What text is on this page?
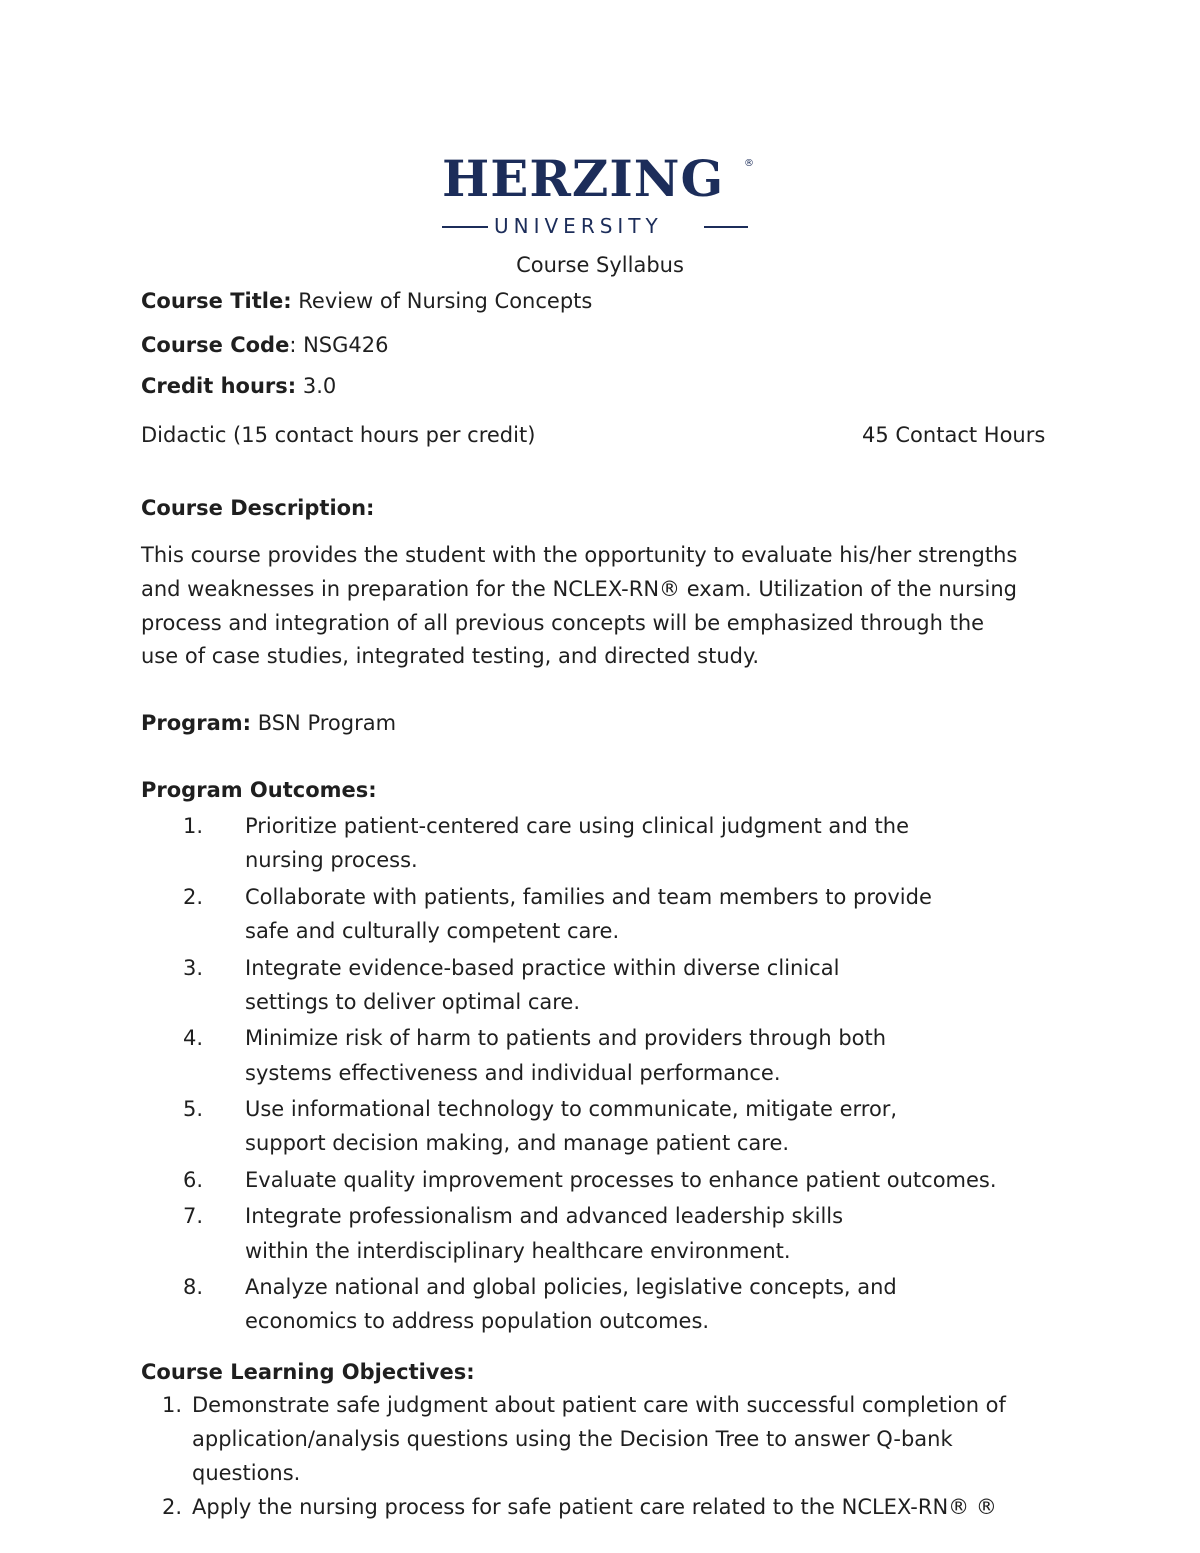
HERZING ®
UNIVERSITY

Course Syllabus

Course Title: Review of Nursing Concepts

Course Code: NSG426

Credit hours: 3.0

Didactic (15 contact hours per credit)	45 Contact Hours

Course Description:

This course provides the student with the opportunity to evaluate his/her strengths and weaknesses in preparation for the NCLEX-RN® exam. Utilization of the nursing process and integration of all previous concepts will be emphasized through the use of case studies, integrated testing, and directed study.

Program: BSN Program

Program Outcomes:

1. Prioritize patient-centered care using clinical judgment and the nursing process.
2. Collaborate with patients, families and team members to provide safe and culturally competent care.
3. Integrate evidence-based practice within diverse clinical settings to deliver optimal care.
4. Minimize risk of harm to patients and providers through both systems effectiveness and individual performance.
5. Use informational technology to communicate, mitigate error, support decision making, and manage patient care.
6. Evaluate quality improvement processes to enhance patient outcomes.
7. Integrate professionalism and advanced leadership skills within the interdisciplinary healthcare environment.
8. Analyze national and global policies, legislative concepts, and economics to address population outcomes.

Course Learning Objectives:

1. Demonstrate safe judgment about patient care with successful completion of application/analysis questions using the Decision Tree to answer Q-bank questions.
2. Apply the nursing process for safe patient care related to the NCLEX-RN® ®
